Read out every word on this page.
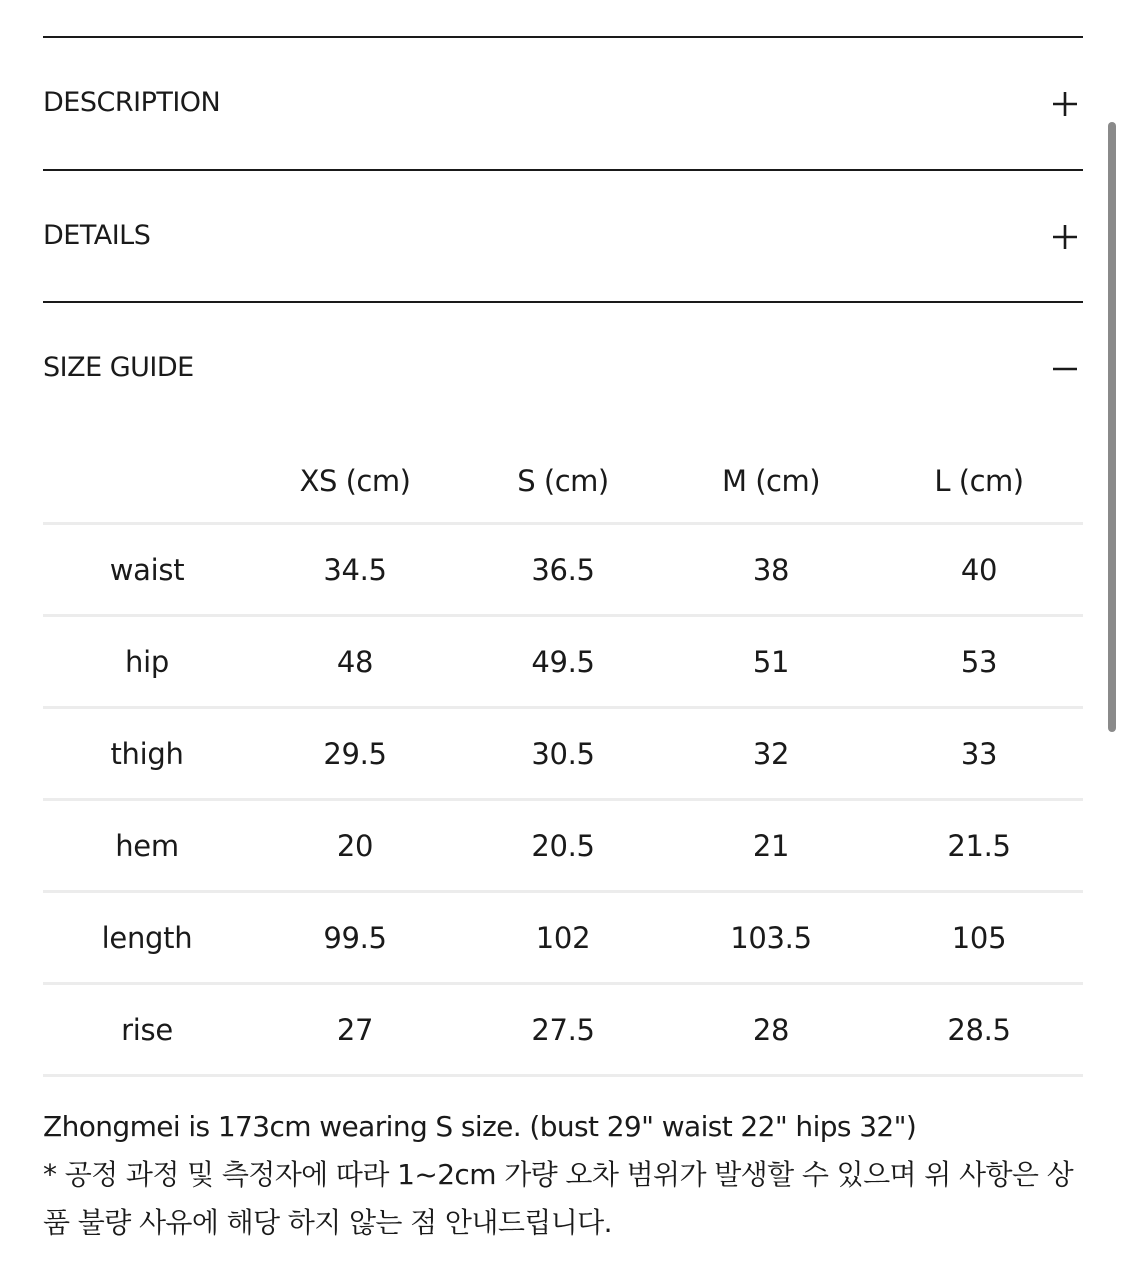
DESCRIPTION
DETAILS
SIZE GUIDE
	XS (cm)	S (cm)	M (cm)	L (cm)
waist	34.5	36.5	38	40
hip	48	49.5	51	53
thigh	29.5	30.5	32	33
hem	20	20.5	21	21.5
length	99.5	102	103.5	105
rise	27	27.5	28	28.5

Zhongmei is 173cm wearing S size. (bust 29" waist 22" hips 32")

* 공정 과정 및 측정자에 따라 1~2cm 가량 오차 범위가 발생할 수 있으며 위 사항은 상품 불량 사유에 해당 하지 않는 점 안내드립니다.
